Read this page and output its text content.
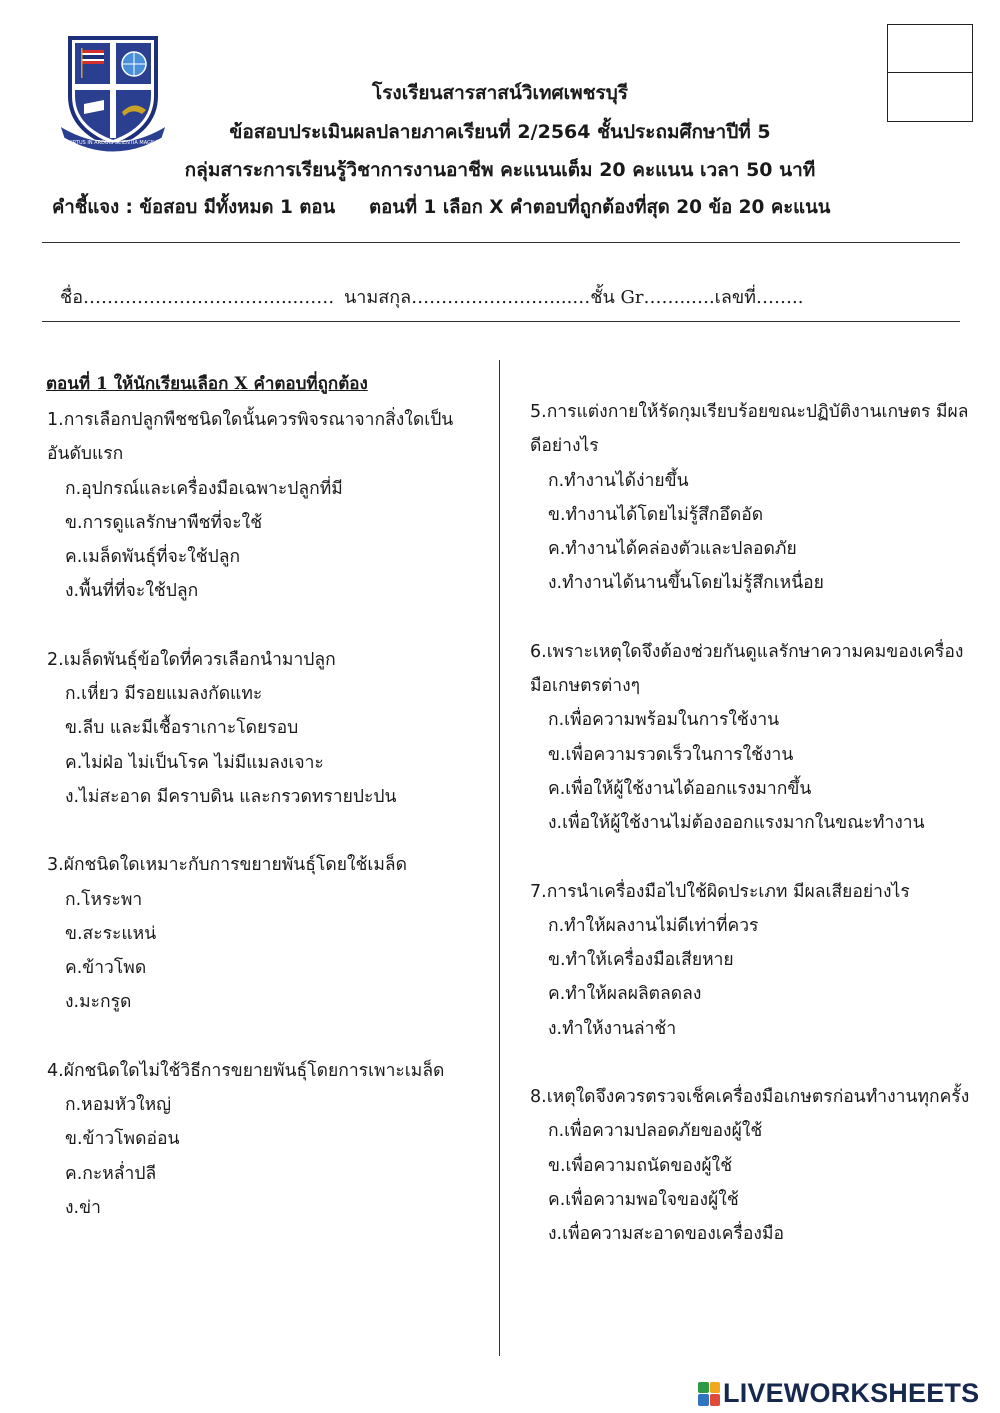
VIRTUS IN ARDUIS SCIENTIA MAGNA
โรงเรียนสารสาสน์วิเทศเพชรบุรี
ข้อสอบประเมินผลปลายภาคเรียนที่ 2/2564 ชั้นประถมศึกษาปีที่ 5
กลุ่มสาระการเรียนรู้วิชาการงานอาชีพ คะแนนเต็ม 20 คะแนน เวลา 50 นาที
คำชี้แจง : ข้อสอบ มีทั้งหมด 1 ตอน ตอนที่ 1 เลือก X คำตอบที่ถูกต้องที่สุด 20 ข้อ 20 คะแนน
ชื่อ……………………………...…… นามสกุล……………………...…ชั้น Gr……..….เลขที่……..
ตอนที่ 1 ให้นักเรียนเลือก X คำตอบที่ถูกต้อง
1.การเลือกปลูกพืชชนิดใดนั้นควรพิจรณาจากสิ่งใดเป็นอันดับแรก
ก.อุปกรณ์และเครื่องมือเฉพาะปลูกที่มี
ข.การดูแลรักษาพืชที่จะใช้
ค.เมล็ดพันธุ์ที่จะใช้ปลูก
ง.พื้นที่ที่จะใช้ปลูก
2.เมล็ดพันธุ์ข้อใดที่ควรเลือกนำมาปลูก
ก.เหี่ยว มีรอยแมลงกัดแทะ
ข.ลีบ และมีเชื้อราเกาะโดยรอบ
ค.ไม่ฝ่อ ไม่เป็นโรค ไม่มีแมลงเจาะ
ง.ไม่สะอาด มีคราบดิน และกรวดทรายปะปน
3.ผักชนิดใดเหมาะกับการขยายพันธุ์โดยใช้เมล็ด
ก.โหระพา
ข.สะระแหน่
ค.ข้าวโพด
ง.มะกรูด
4.ผักชนิดใดไม่ใช้วิธีการขยายพันธุ์โดยการเพาะเมล็ด
ก.หอมหัวใหญ่
ข.ข้าวโพดอ่อน
ค.กะหล่ำปลี
ง.ข่า
5.การแต่งกายให้รัดกุมเรียบร้อยขณะปฏิบัติงานเกษตร มีผลดีอย่างไร
ก.ทำงานได้ง่ายขึ้น
ข.ทำงานได้โดยไม่รู้สึกอึดอัด
ค.ทำงานได้คล่องตัวและปลอดภัย
ง.ทำงานได้นานขึ้นโดยไม่รู้สึกเหนื่อย
6.เพราะเหตุใดจึงต้องช่วยกันดูแลรักษาความคมของเครื่องมือเกษตรต่างๆ
ก.เพื่อความพร้อมในการใช้งาน
ข.เพื่อความรวดเร็วในการใช้งาน
ค.เพื่อให้ผู้ใช้งานได้ออกแรงมากขึ้น
ง.เพื่อให้ผู้ใช้งานไม่ต้องออกแรงมากในขณะทำงาน
7.การนำเครื่องมือไปใช้ผิดประเภท มีผลเสียอย่างไร
ก.ทำให้ผลงานไม่ดีเท่าที่ควร
ข.ทำให้เครื่องมือเสียหาย
ค.ทำให้ผลผลิตลดลง
ง.ทำให้งานล่าช้า
8.เหตุใดจึงควรตรวจเช็คเครื่องมือเกษตรก่อนทำงานทุกครั้ง
ก.เพื่อความปลอดภัยของผู้ใช้
ข.เพื่อความถนัดของผู้ใช้
ค.เพื่อความพอใจของผู้ใช้
ง.เพื่อความสะอาดของเครื่องมือ
LIVEWORKSHEETS
